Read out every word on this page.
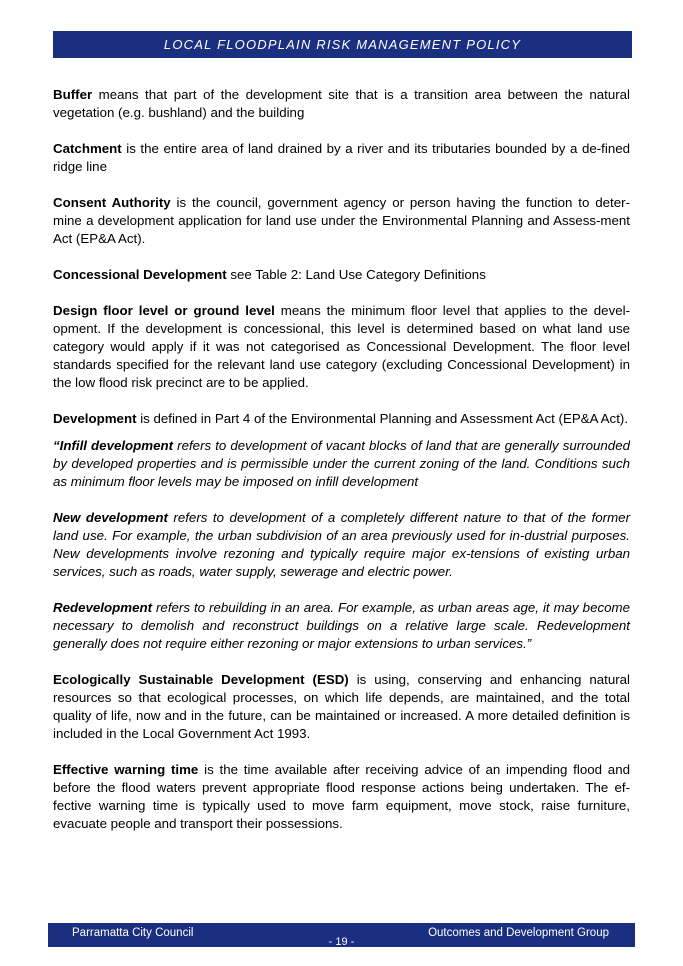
LOCAL FLOODPLAIN RISK MANAGEMENT POLICY

Buffer means that part of the development site that is a transition area between the natural vegetation (e.g. bushland) and the building

Catchment is the entire area of land drained by a river and its tributaries bounded by a de-fined ridge line

Consent Authority is the council, government agency or person having the function to deter-mine a development application for land use under the Environmental Planning and Assess-ment Act (EP&A Act).

Concessional Development see Table 2: Land Use Category Definitions

Design floor level or ground level means the minimum floor level that applies to the devel-opment. If the development is concessional, this level is determined based on what land use category would apply if it was not categorised as Concessional Development. The floor level standards specified for the relevant land use category (excluding Concessional Development) in the low flood risk precinct are to be applied.

Development is defined in Part 4 of the Environmental Planning and Assessment Act (EP&A Act).

“Infill development refers to development of vacant blocks of land that are generally surrounded by developed properties and is permissible under the current zoning of the land. Conditions such as minimum floor levels may be imposed on infill development

New development refers to development of a completely different nature to that of the former land use. For example, the urban subdivision of an area previously used for in-dustrial purposes. New developments involve rezoning and typically require major ex-tensions of existing urban services, such as roads, water supply, sewerage and electric power.

Redevelopment refers to rebuilding in an area. For example, as urban areas age, it may become necessary to demolish and reconstruct buildings on a relative large scale. Redevelopment generally does not require either rezoning or major extensions to urban services.”

Ecologically Sustainable Development (ESD) is using, conserving and enhancing natural resources so that ecological processes, on which life depends, are maintained, and the total quality of life, now and in the future, can be maintained or increased. A more detailed definition is included in the Local Government Act 1993.

Effective warning time is the time available after receiving advice of an impending flood and before the flood waters prevent appropriate flood response actions being undertaken. The ef-fective warning time is typically used to move farm equipment, move stock, raise furniture, evacuate people and transport their possessions.

Parramatta City Council	Outcomes and Development Group
- 19 -
